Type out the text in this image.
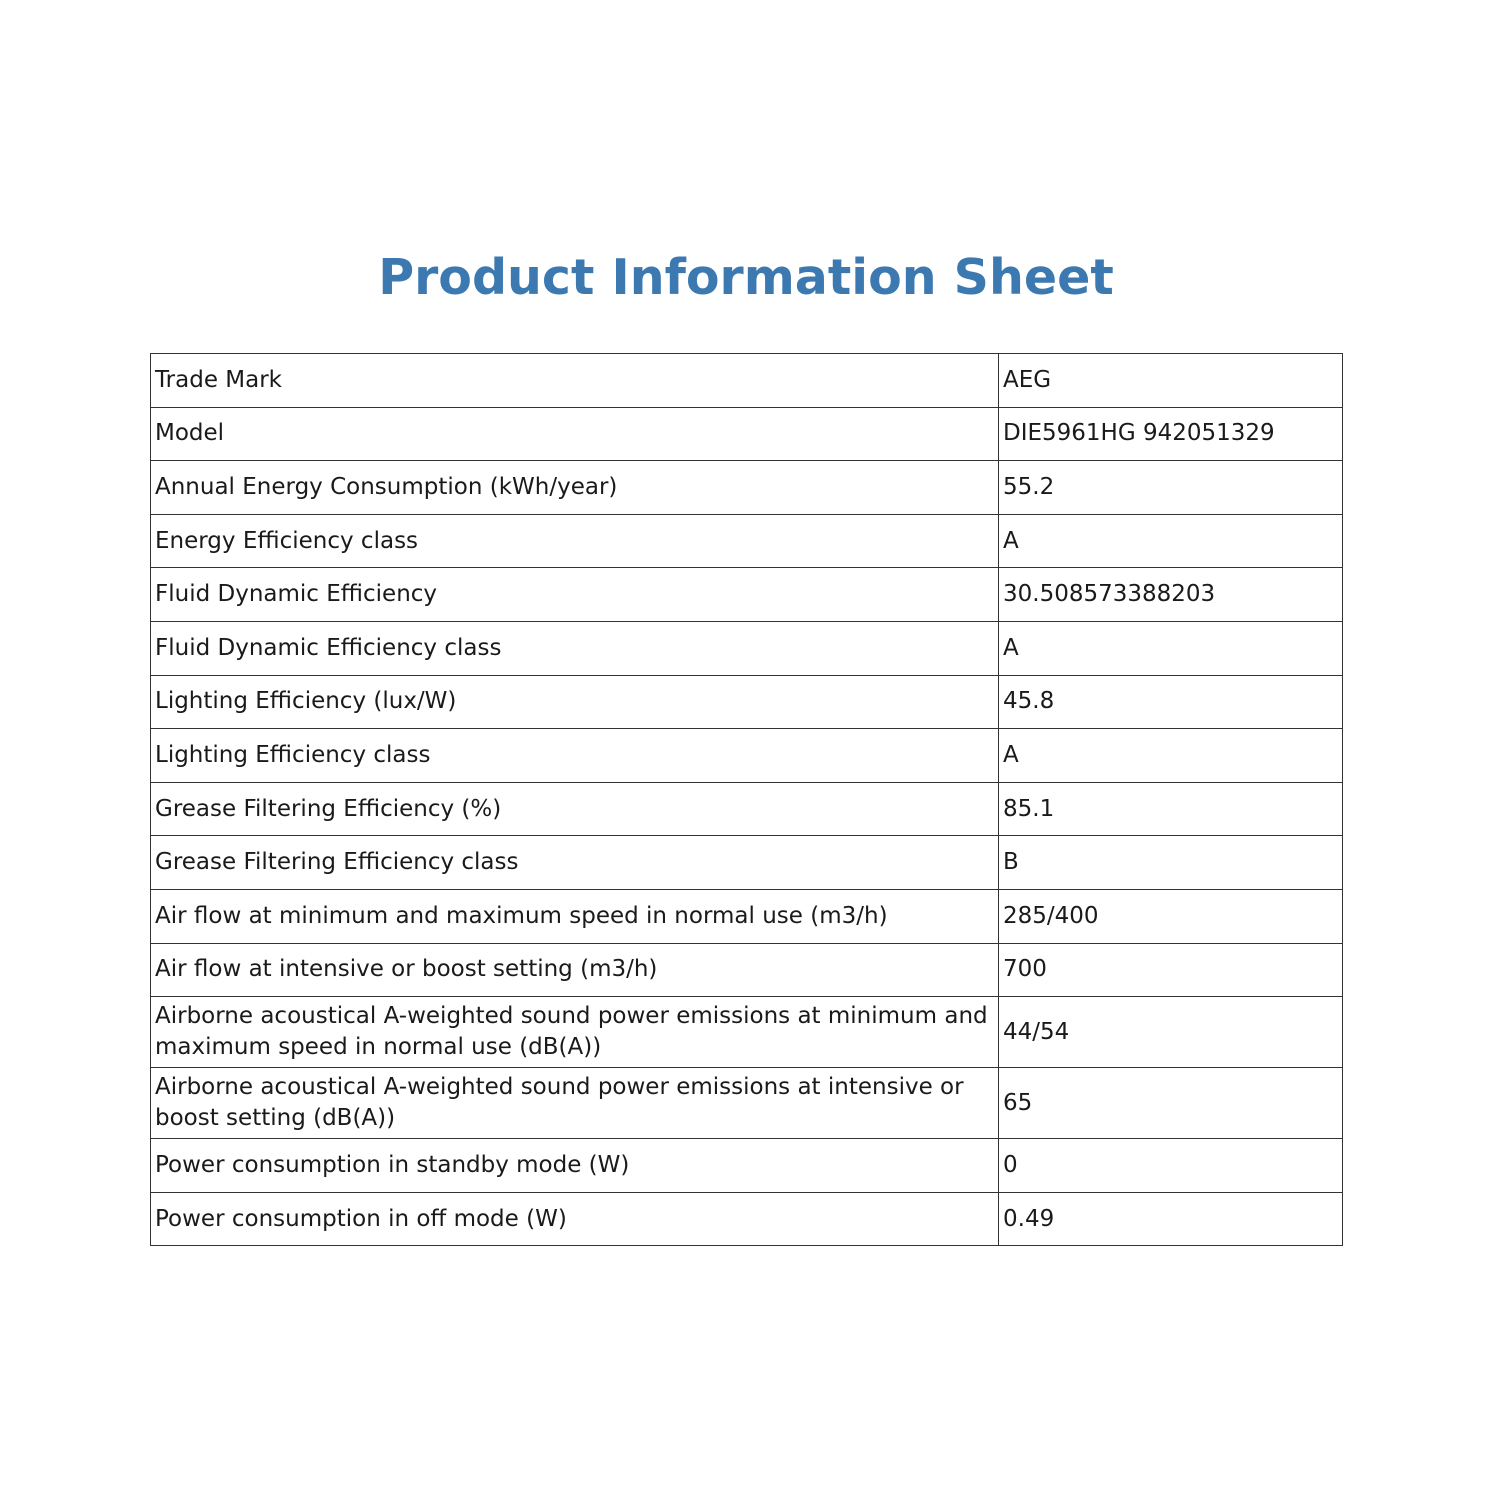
Product Information Sheet
Trade Mark	AEG
Model	DIE5961HG 942051329
Annual Energy Consumption (kWh/year)	55.2
Energy Efficiency class	A
Fluid Dynamic Efficiency	30.508573388203
Fluid Dynamic Efficiency class	A
Lighting Efficiency (lux/W)	45.8
Lighting Efficiency class	A
Grease Filtering Efficiency (%)	85.1
Grease Filtering Efficiency class	B
Air flow at minimum and maximum speed in normal use (m3/h)	285/400
Air flow at intensive or boost setting (m3/h)	700
Airborne acoustical A-weighted sound power emissions at minimum and maximum speed in normal use (dB(A))	44/54
Airborne acoustical A-weighted sound power emissions at intensive or boost setting (dB(A))	65
Power consumption in standby mode (W)	0
Power consumption in off mode (W)	0.49
